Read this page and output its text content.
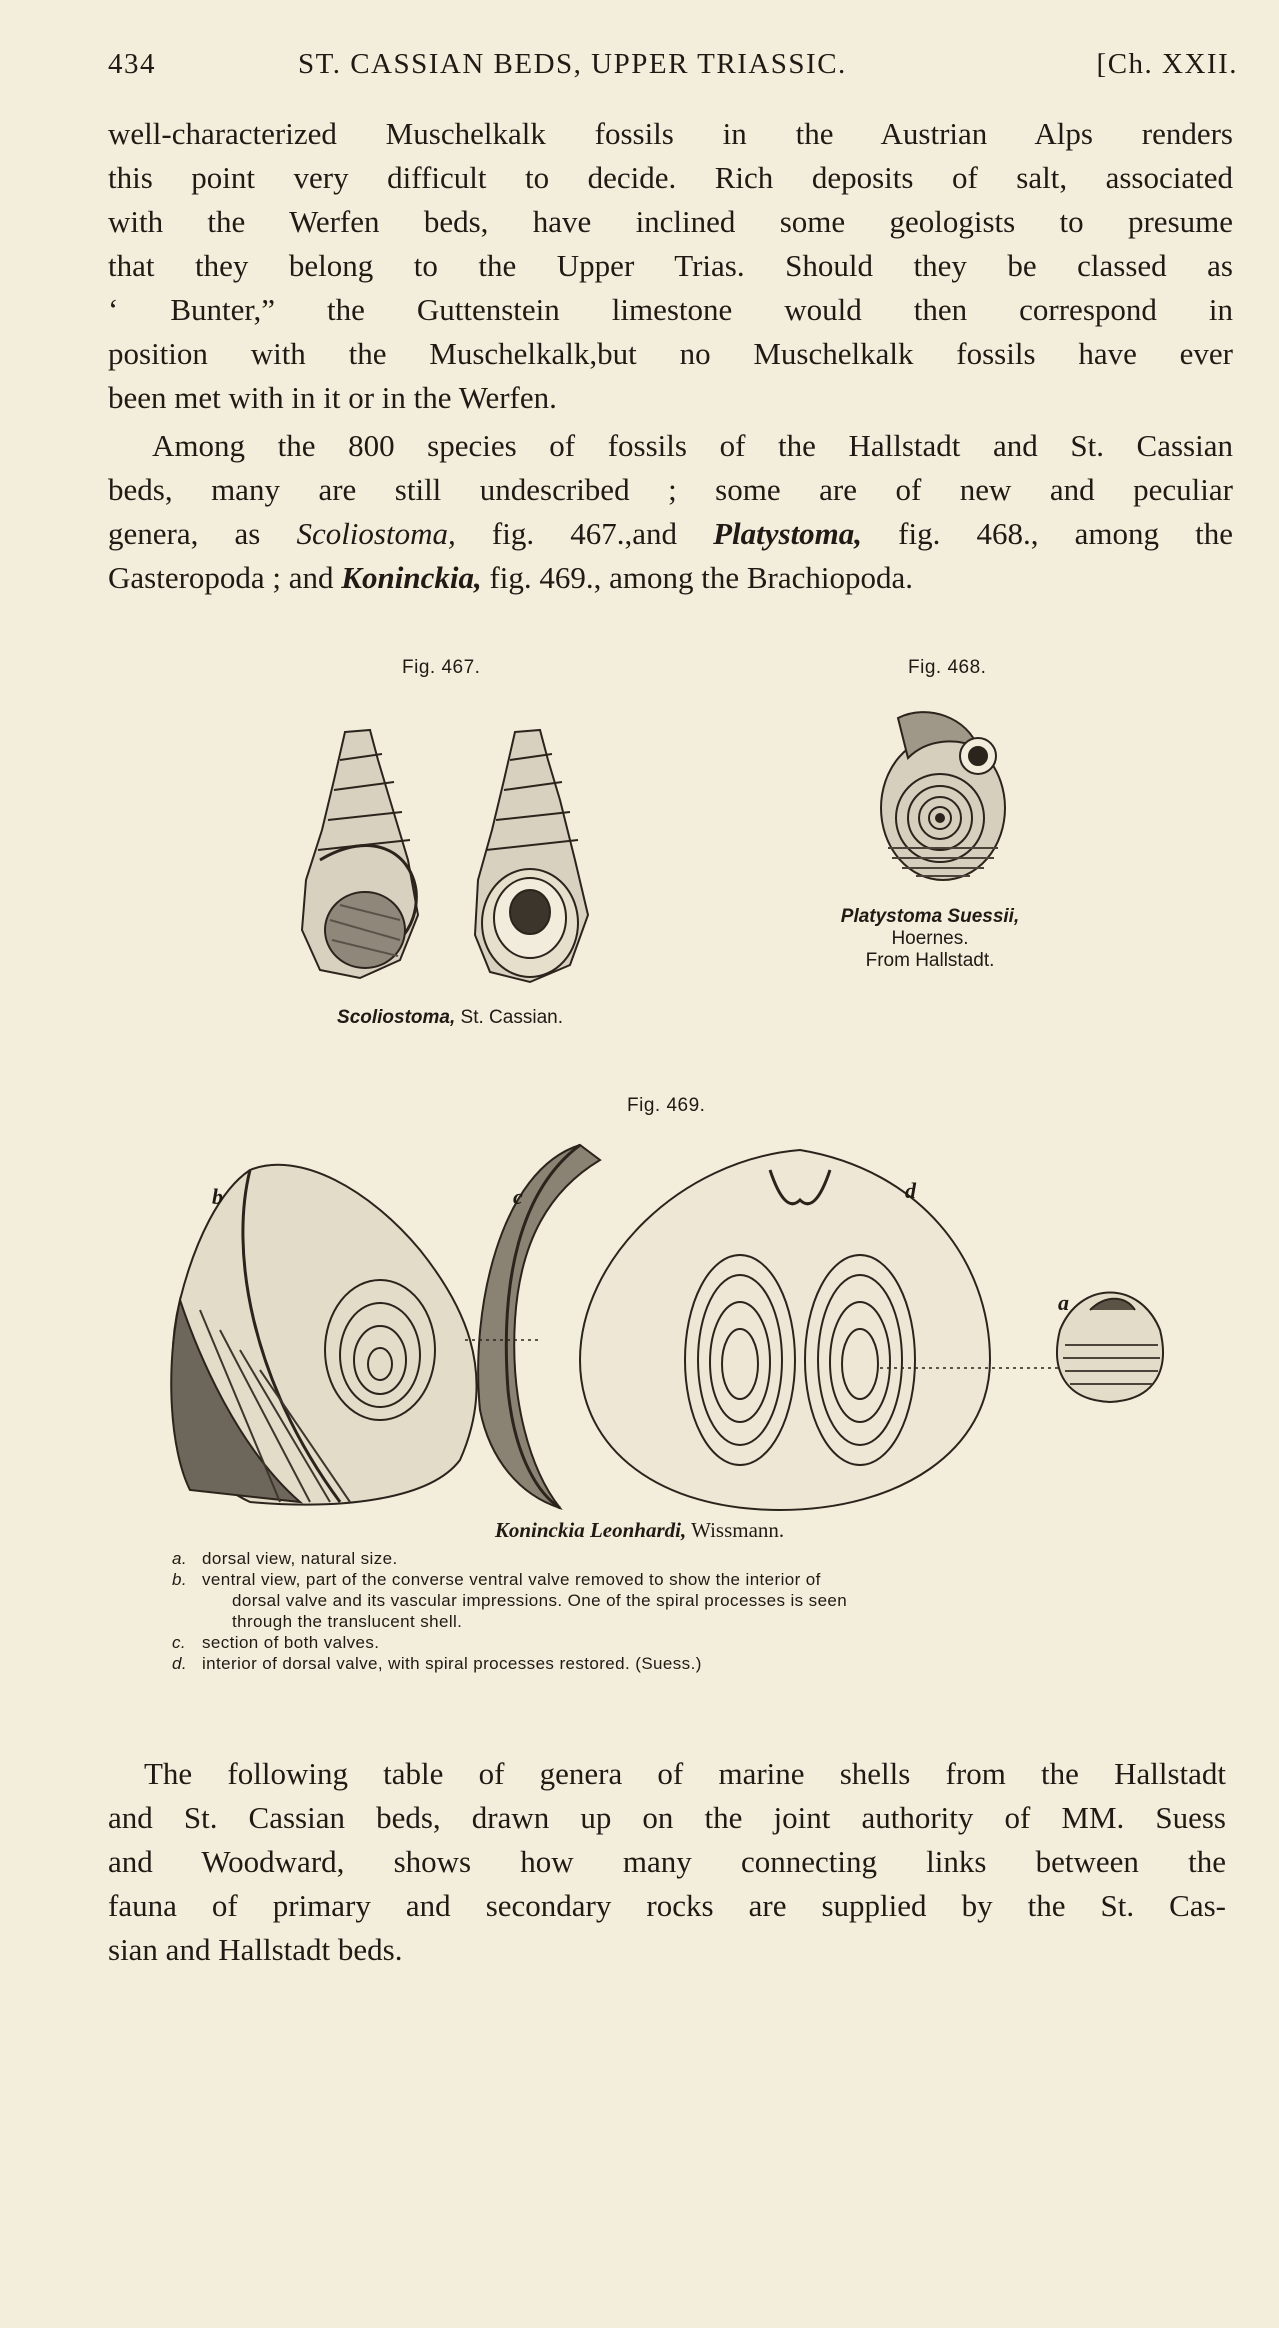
434	ST. CASSIAN BEDS, UPPER TRIASSIC.	[Ch. XXII.
well-characterized Muschelkalk fossils in the Austrian Alps renders
this point very difficult to decide. Rich deposits of salt, associated
with the Werfen beds, have inclined some geologists to presume
that they belong to the Upper Trias. Should they be classed as
‘ Bunter,” the Guttenstein limestone would then correspond in
position with the Muschelkalk,but no Muschelkalk fossils have ever
been met with in it or in the Werfen.
Among the 800 species of fossils of the Hallstadt and St. Cassian
beds, many are still undescribed ; some are of new and peculiar
genera, as Scoliostoma, fig. 467.,and Platystoma, fig. 468., among the
Gasteropoda ; and Koninckia, fig. 469., among the Brachiopoda.
Fig. 467.
Scoliostoma, St. Cassian.
Fig. 468.
Platystoma Suessii,
Hoernes.
From Hallstadt.
Fig. 469.
b	c	d
a
Koninckia Leonhardi, Wissmann.
a. dorsal view, natural size.
b. ventral view, part of the converse ventral valve removed to show the interior of
dorsal valve and its vascular impressions. One of the spiral processes is seen
through the translucent shell.
c. section of both valves.
d. interior of dorsal valve, with spiral processes restored. (Suess.)
The following table of genera of marine shells from the Hallstadt
and St. Cassian beds, drawn up on the joint authority of MM. Suess
and Woodward, shows how many connecting links between the
fauna of primary and secondary rocks are supplied by the St. Cas-
sian and Hallstadt beds.
